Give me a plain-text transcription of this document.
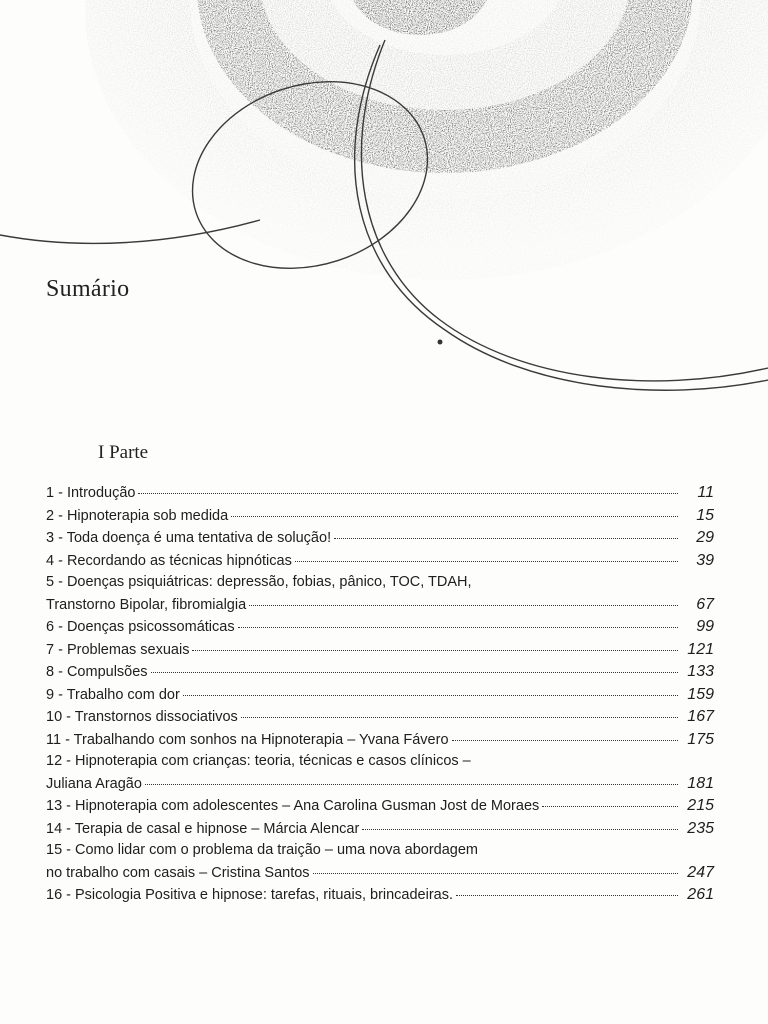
Sumário
I Parte
1 - Introdução	11
2 - Hipnoterapia sob medida	15
3 - Toda doença é uma tentativa de solução!	29
4 - Recordando as técnicas hipnóticas	39
5 - Doenças psiquiátricas: depressão, fobias, pânico, TOC, TDAH,
Transtorno Bipolar, fibromialgia	67
6 - Doenças psicossomáticas	99
7 - Problemas sexuais	121
8 - Compulsões	133
9 - Trabalho com dor	159
10 - Transtornos dissociativos	167
11 - Trabalhando com sonhos na Hipnoterapia – Yvana Fávero	175
12 - Hipnoterapia com crianças: teoria, técnicas e casos clínicos –
Juliana Aragão	181
13 - Hipnoterapia com adolescentes – Ana Carolina Gusman Jost de Moraes	215
14 - Terapia de casal e hipnose – Márcia Alencar	235
15 - Como lidar com o problema da traição – uma nova abordagem
no trabalho com casais – Cristina Santos	247
16 - Psicologia Positiva e hipnose: tarefas, rituais, brincadeiras.	261
